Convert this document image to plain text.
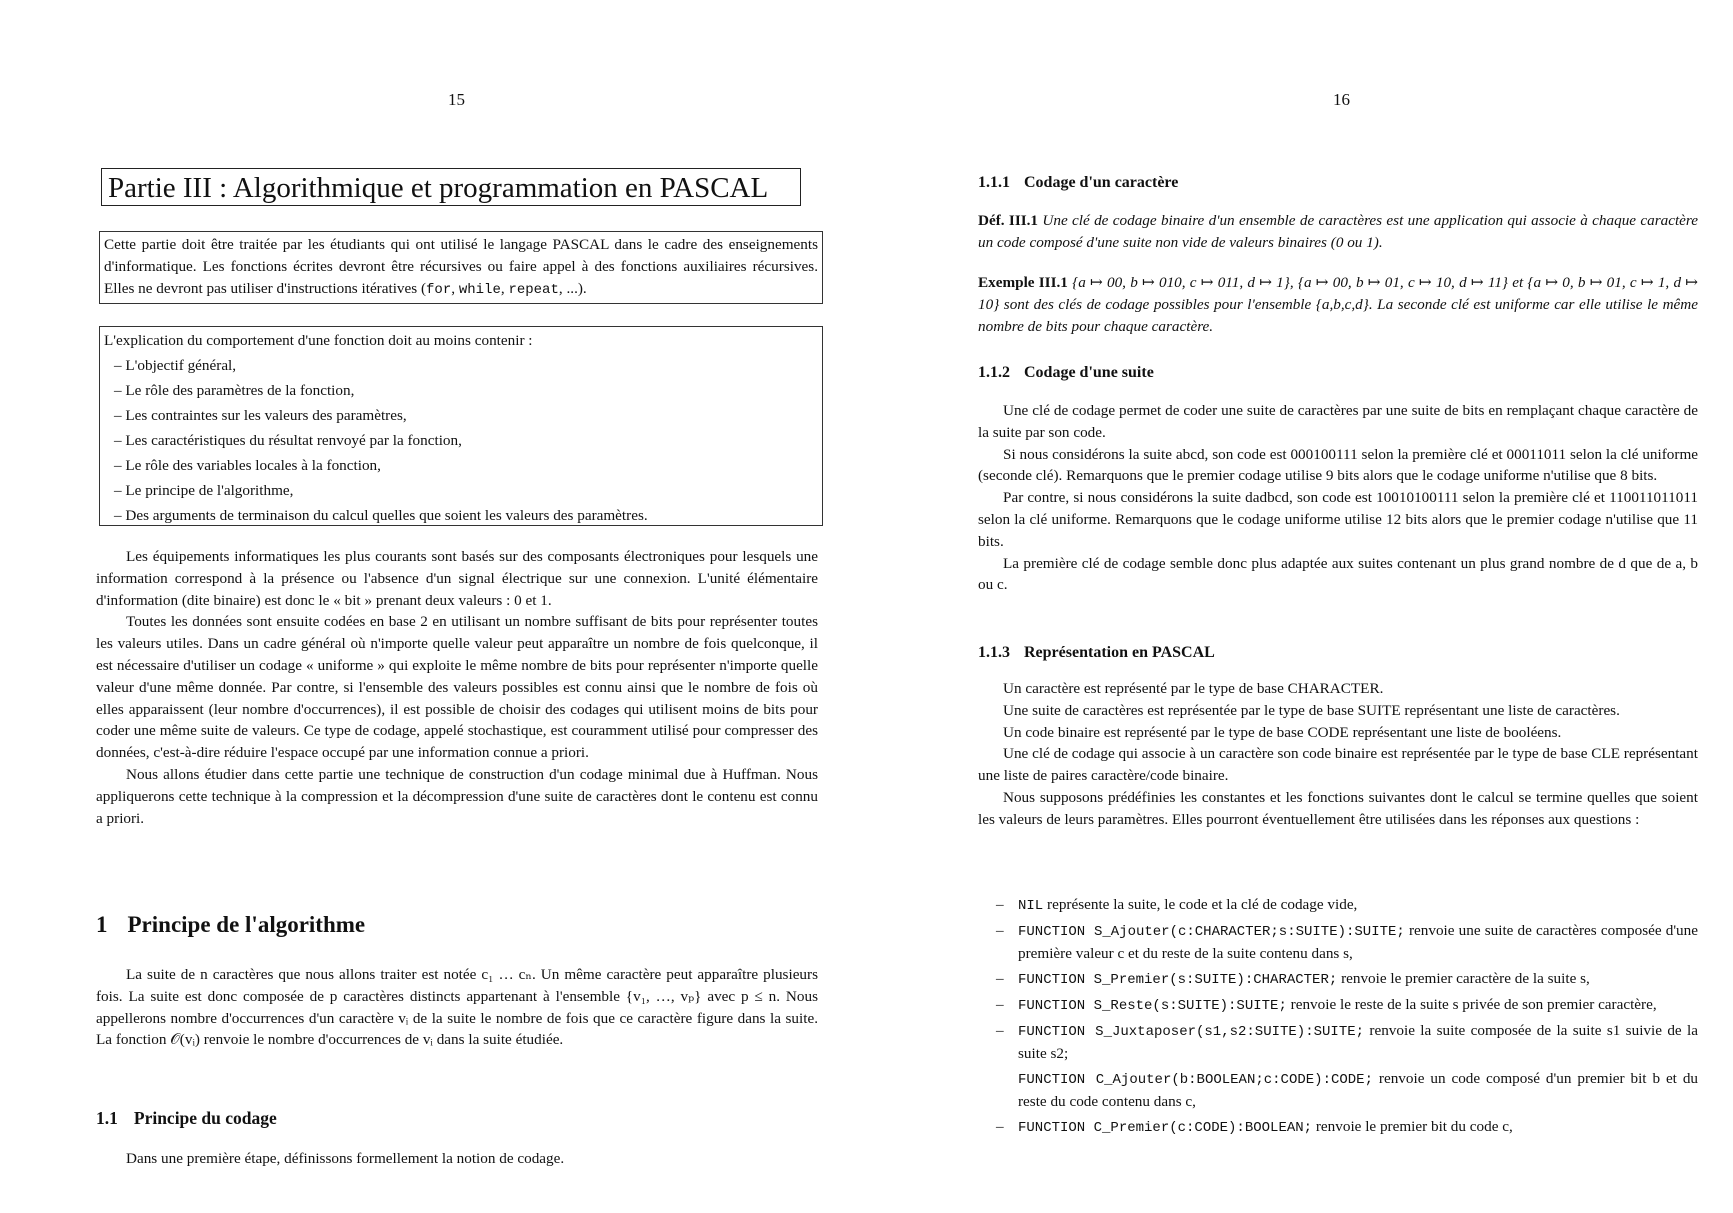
15
Partie III : Algorithmique et programmation en PASCAL
Cette partie doit être traitée par les étudiants qui ont utilisé le langage PASCAL dans le cadre des enseignements d'informatique. Les fonctions écrites devront être récursives ou faire appel à des fonctions auxiliaires récursives. Elles ne devront pas utiliser d'instructions itératives (for, while, repeat, ...).
L'explication du comportement d'une fonction doit au moins contenir :
– L'objectif général,
– Le rôle des paramètres de la fonction,
– Les contraintes sur les valeurs des paramètres,
– Les caractéristiques du résultat renvoyé par la fonction,
– Le rôle des variables locales à la fonction,
– Le principe de l'algorithme,
– Des arguments de terminaison du calcul quelles que soient les valeurs des paramètres.

Les équipements informatiques les plus courants sont basés sur des composants électroniques pour lesquels une information correspond à la présence ou l'absence d'un signal électrique sur une connexion. L'unité élémentaire d'information (dite binaire) est donc le « bit » prenant deux valeurs : 0 et 1.

Toutes les données sont ensuite codées en base 2 en utilisant un nombre suffisant de bits pour représenter toutes les valeurs utiles. Dans un cadre général où n'importe quelle valeur peut apparaître un nombre de fois quelconque, il est nécessaire d'utiliser un codage « uniforme » qui exploite le même nombre de bits pour représenter n'importe quelle valeur d'une même donnée. Par contre, si l'ensemble des valeurs possibles est connu ainsi que le nombre de fois où elles apparaissent (leur nombre d'occurrences), il est possible de choisir des codages qui utilisent moins de bits pour coder une même suite de valeurs. Ce type de codage, appelé stochastique, est couramment utilisé pour compresser des données, c'est-à-dire réduire l'espace occupé par une information connue a priori.

Nous allons étudier dans cette partie une technique de construction d'un codage minimal due à Huffman. Nous appliquerons cette technique à la compression et la décompression d'une suite de caractères dont le contenu est connu a priori.

1 Principe de l'algorithme

La suite de n caractères que nous allons traiter est notée c₁ … cₙ. Un même caractère peut apparaître plusieurs fois. La suite est donc composée de p caractères distincts appartenant à l'ensemble {v₁, …, vₚ} avec p ≤ n. Nous appellerons nombre d'occurrences d'un caractère vᵢ de la suite le nombre de fois que ce caractère figure dans la suite. La fonction 𝒪(vᵢ) renvoie le nombre d'occurrences de vᵢ dans la suite étudiée.

1.1 Principe du codage

Dans une première étape, définissons formellement la notion de codage.

16
1.1.1 Codage d'un caractère

Déf. III.1 Une clé de codage binaire d'un ensemble de caractères est une application qui associe à chaque caractère un code composé d'une suite non vide de valeurs binaires (0 ou 1).

Exemple III.1 {a ↦ 00, b ↦ 010, c ↦ 011, d ↦ 1}, {a ↦ 00, b ↦ 01, c ↦ 10, d ↦ 11} et {a ↦ 0, b ↦ 01, c ↦ 1, d ↦ 10} sont des clés de codage possibles pour l'ensemble {a,b,c,d}. La seconde clé est uniforme car elle utilise le même nombre de bits pour chaque caractère.

1.1.2 Codage d'une suite

Une clé de codage permet de coder une suite de caractères par une suite de bits en remplaçant chaque caractère de la suite par son code.

Si nous considérons la suite abcd, son code est 000100111 selon la première clé et 00011011 selon la clé uniforme (seconde clé). Remarquons que le premier codage utilise 9 bits alors que le codage uniforme n'utilise que 8 bits.

Par contre, si nous considérons la suite dadbcd, son code est 10010100111 selon la première clé et 110011011011 selon la clé uniforme. Remarquons que le codage uniforme utilise 12 bits alors que le premier codage n'utilise que 11 bits.

La première clé de codage semble donc plus adaptée aux suites contenant un plus grand nombre de d que de a, b ou c.

1.1.3 Représentation en PASCAL

Un caractère est représenté par le type de base CHARACTER.

Une suite de caractères est représentée par le type de base SUITE représentant une liste de caractères.

Un code binaire est représenté par le type de base CODE représentant une liste de booléens.

Une clé de codage qui associe à un caractère son code binaire est représentée par le type de base CLE représentant une liste de paires caractère/code binaire.

Nous supposons prédéfinies les constantes et les fonctions suivantes dont le calcul se termine quelles que soient les valeurs de leurs paramètres. Elles pourront éventuellement être utilisées dans les réponses aux questions :

– NIL représente la suite, le code et la clé de codage vide,
– FUNCTION S_Ajouter(c:CHARACTER;s:SUITE):SUITE; renvoie une suite de caractères composée d'une première valeur c et du reste de la suite contenu dans s,
– FUNCTION S_Premier(s:SUITE):CHARACTER; renvoie le premier caractère de la suite s,
– FUNCTION S_Reste(s:SUITE):SUITE; renvoie le reste de la suite s privée de son premier caractère,
– FUNCTION S_Juxtaposer(s1,s2:SUITE):SUITE; renvoie la suite composée de la suite s1 suivie de la suite s2;
FUNCTION C_Ajouter(b:BOOLEAN;c:CODE):CODE; renvoie un code composé d'un premier bit b et du reste du code contenu dans c,
– FUNCTION C_Premier(c:CODE):BOOLEAN; renvoie le premier bit du code c,
